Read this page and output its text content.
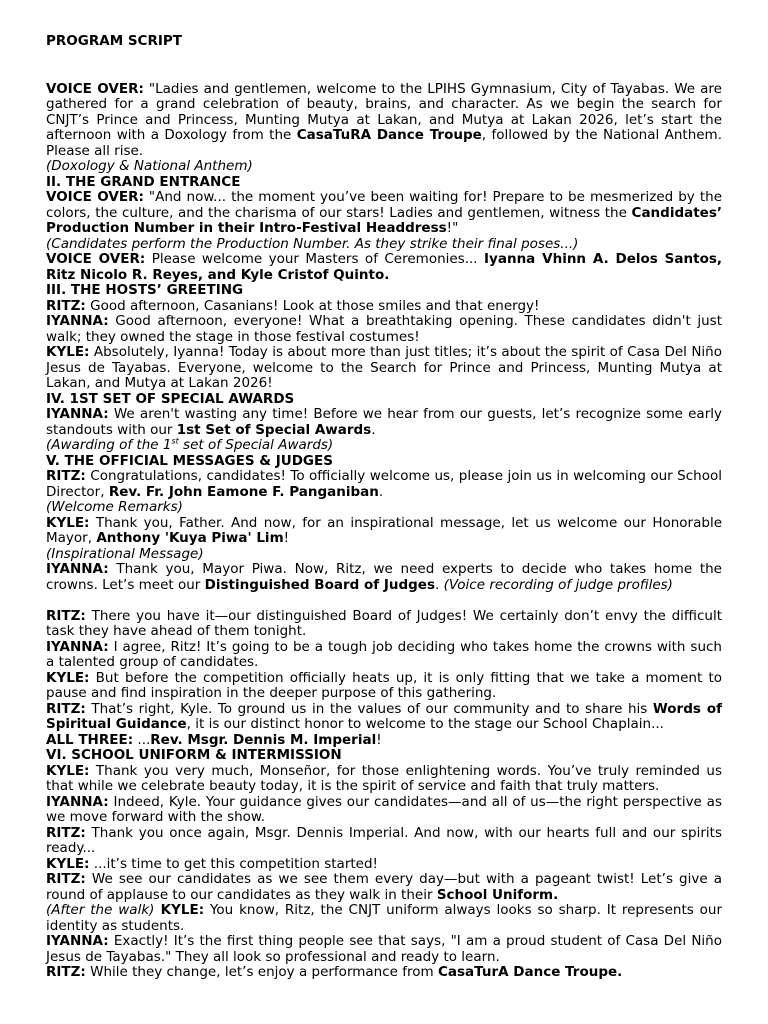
PROGRAM SCRIPT

VOICE OVER: "Ladies and gentlemen, welcome to the LPIHS Gymnasium, City of Tayabas. We are gathered for a grand celebration of beauty, brains, and character. As we begin the search for CNJT’s Prince and Princess, Munting Mutya at Lakan, and Mutya at Lakan 2026, let’s start the afternoon with a Doxology from the CasaTuRA Dance Troupe, followed by the National Anthem. Please all rise.

(Doxology & National Anthem)

II. THE GRAND ENTRANCE

VOICE OVER: "And now... the moment you’ve been waiting for! Prepare to be mesmerized by the colors, the culture, and the charisma of our stars! Ladies and gentlemen, witness the Candidates’ Production Number in their Intro-Festival Headdress!"

(Candidates perform the Production Number. As they strike their final poses...)

VOICE OVER: Please welcome your Masters of Ceremonies... Iyanna Vhinn A. Delos Santos, Ritz Nicolo R. Reyes, and Kyle Cristof Quinto.

III. THE HOSTS’ GREETING

RITZ: Good afternoon, Casanians! Look at those smiles and that energy!

IYANNA: Good afternoon, everyone! What a breathtaking opening. These candidates didn't just walk; they owned the stage in those festival costumes!

KYLE: Absolutely, Iyanna! Today is about more than just titles; it’s about the spirit of Casa Del Niño Jesus de Tayabas. Everyone, welcome to the Search for Prince and Princess, Munting Mutya at Lakan, and Mutya at Lakan 2026!

IV. 1ST SET OF SPECIAL AWARDS

IYANNA: We aren't wasting any time! Before we hear from our guests, let’s recognize some early standouts with our 1st Set of Special Awards.

(Awarding of the 1st set of Special Awards)

V. THE OFFICIAL MESSAGES & JUDGES

RITZ: Congratulations, candidates! To officially welcome us, please join us in welcoming our School Director, Rev. Fr. John Eamone F. Panganiban.

(Welcome Remarks)

KYLE: Thank you, Father. And now, for an inspirational message, let us welcome our Honorable Mayor, Anthony 'Kuya Piwa' Lim!

(Inspirational Message)

IYANNA: Thank you, Mayor Piwa. Now, Ritz, we need experts to decide who takes home the crowns. Let’s meet our Distinguished Board of Judges. (Voice recording of judge profiles)

RITZ: There you have it—our distinguished Board of Judges! We certainly don’t envy the difficult task they have ahead of them tonight.

IYANNA: I agree, Ritz! It’s going to be a tough job deciding who takes home the crowns with such a talented group of candidates.

KYLE: But before the competition officially heats up, it is only fitting that we take a moment to pause and find inspiration in the deeper purpose of this gathering.

RITZ: That’s right, Kyle. To ground us in the values of our community and to share his Words of Spiritual Guidance, it is our distinct honor to welcome to the stage our School Chaplain...

ALL THREE: ...Rev. Msgr. Dennis M. Imperial!

VI. SCHOOL UNIFORM & INTERMISSION

KYLE: Thank you very much, Monseñor, for those enlightening words. You’ve truly reminded us that while we celebrate beauty today, it is the spirit of service and faith that truly matters.

IYANNA: Indeed, Kyle. Your guidance gives our candidates—and all of us—the right perspective as we move forward with the show.

RITZ: Thank you once again, Msgr. Dennis Imperial. And now, with our hearts full and our spirits ready...

KYLE: ...it’s time to get this competition started!

RITZ: We see our candidates as we see them every day—but with a pageant twist! Let’s give a round of applause to our candidates as they walk in their School Uniform.

(After the walk) KYLE: You know, Ritz, the CNJT uniform always looks so sharp. It represents our identity as students.

IYANNA: Exactly! It’s the first thing people see that says, "I am a proud student of Casa Del Niño Jesus de Tayabas." They all look so professional and ready to learn.

RITZ: While they change, let’s enjoy a performance from CasaTurA Dance Troupe.
